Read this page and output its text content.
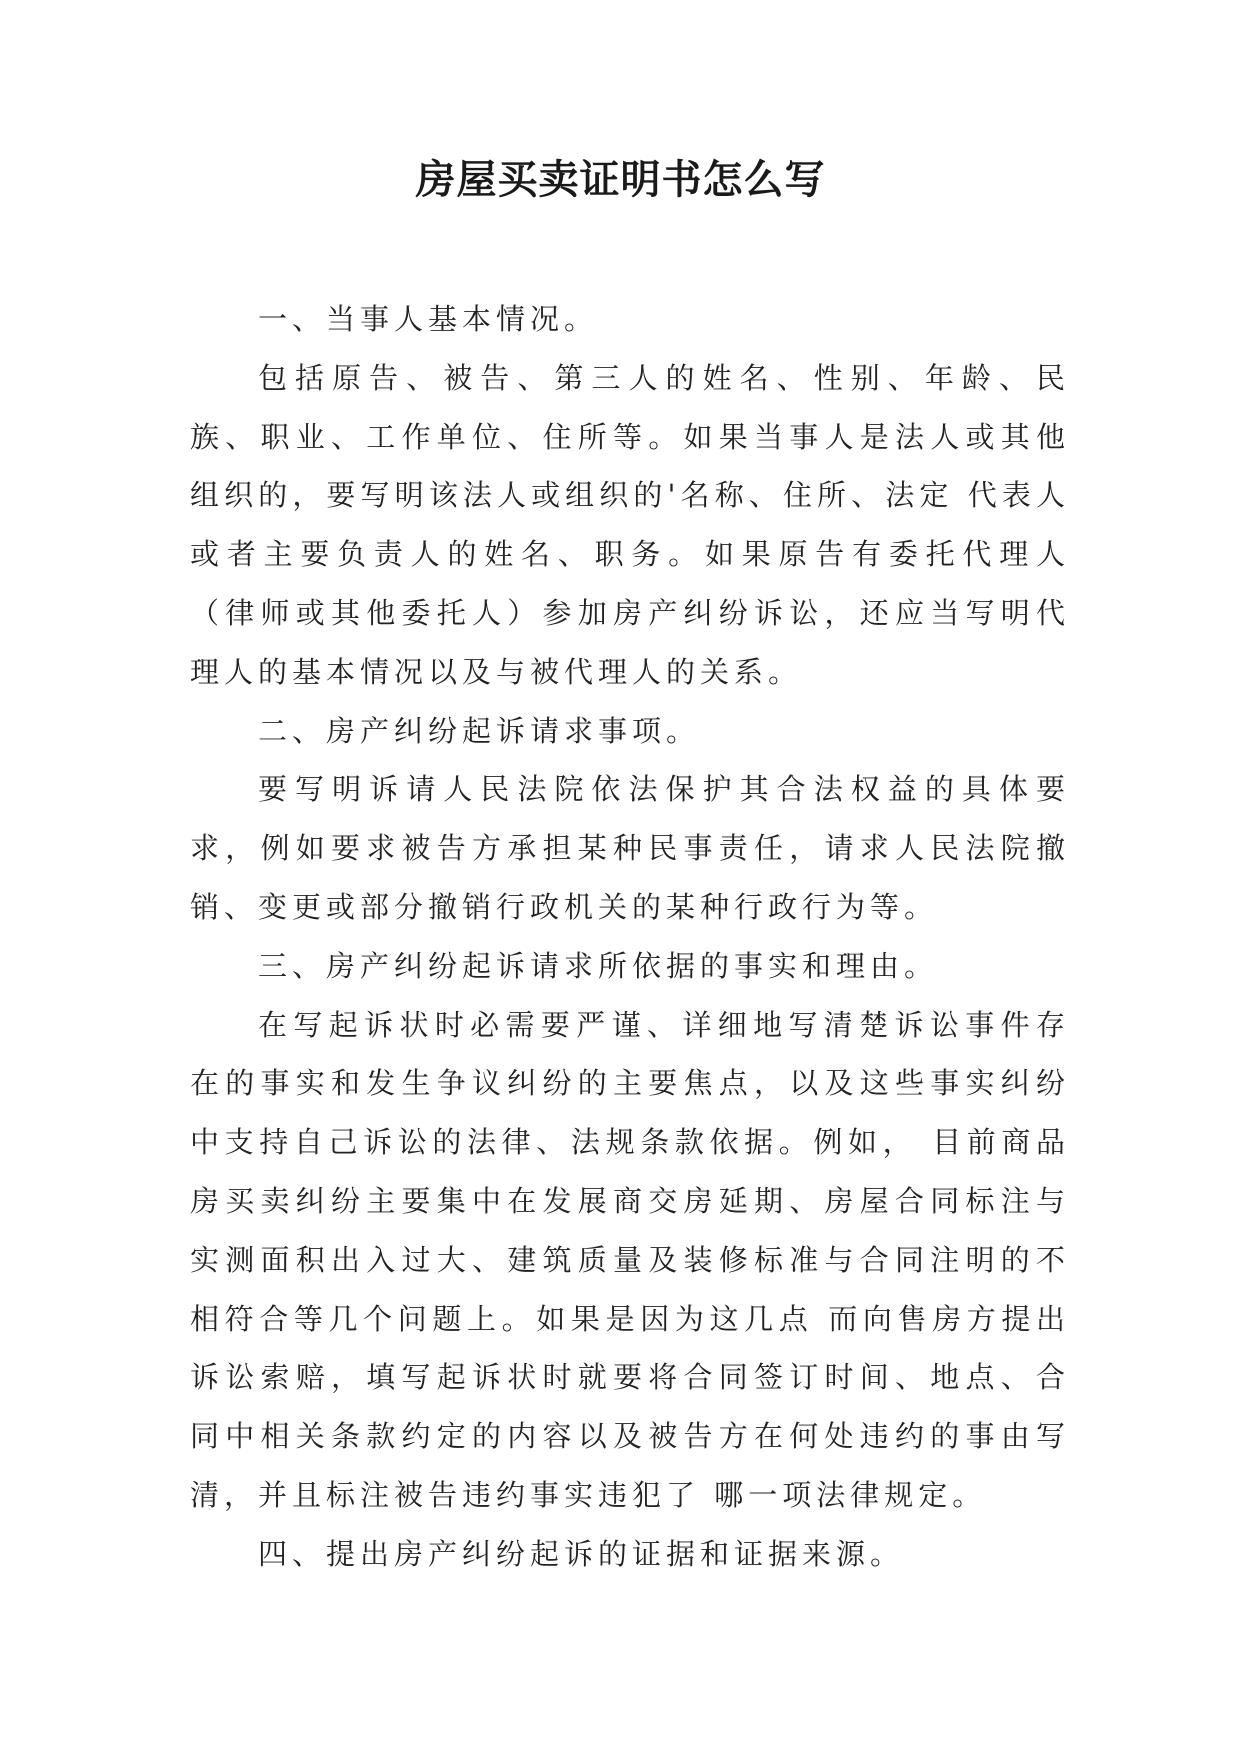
房屋买卖证明书怎么写

一、当事人基本情况。

包括原告、被告、第三人的姓名、性别、年龄、民族、职业、工作单位、住所等。如果当事人是法人或其他组织的，要写明该法人或组织的'名称、住所、法定 代表人或者主要负责人的姓名、职务。如果原告有委托代理人（律师或其他委托人）参加房产纠纷诉讼，还应当写明代理人的基本情况以及与被代理人的关系。

二、房产纠纷起诉请求事项。

要写明诉请人民法院依法保护其合法权益的具体要求，例如要求被告方承担某种民事责任，请求人民法院撤销、变更或部分撤销行政机关的某种行政行为等。

三、房产纠纷起诉请求所依据的事实和理由。

在写起诉状时必需要严谨、详细地写清楚诉讼事件存在的事实和发生争议纠纷的主要焦点，以及这些事实纠纷中支持自己诉讼的法律、法规条款依据。例如， 目前商品房买卖纠纷主要集中在发展商交房延期、房屋合同标注与实测面积出入过大、建筑质量及装修标准与合同注明的不相符合等几个问题上。如果是因为这几点 而向售房方提出诉讼索赔，填写起诉状时就要将合同签订时间、地点、合同中相关条款约定的内容以及被告方在何处违约的事由写清，并且标注被告违约事实违犯了 哪一项法律规定。

四、提出房产纠纷起诉的证据和证据来源。
